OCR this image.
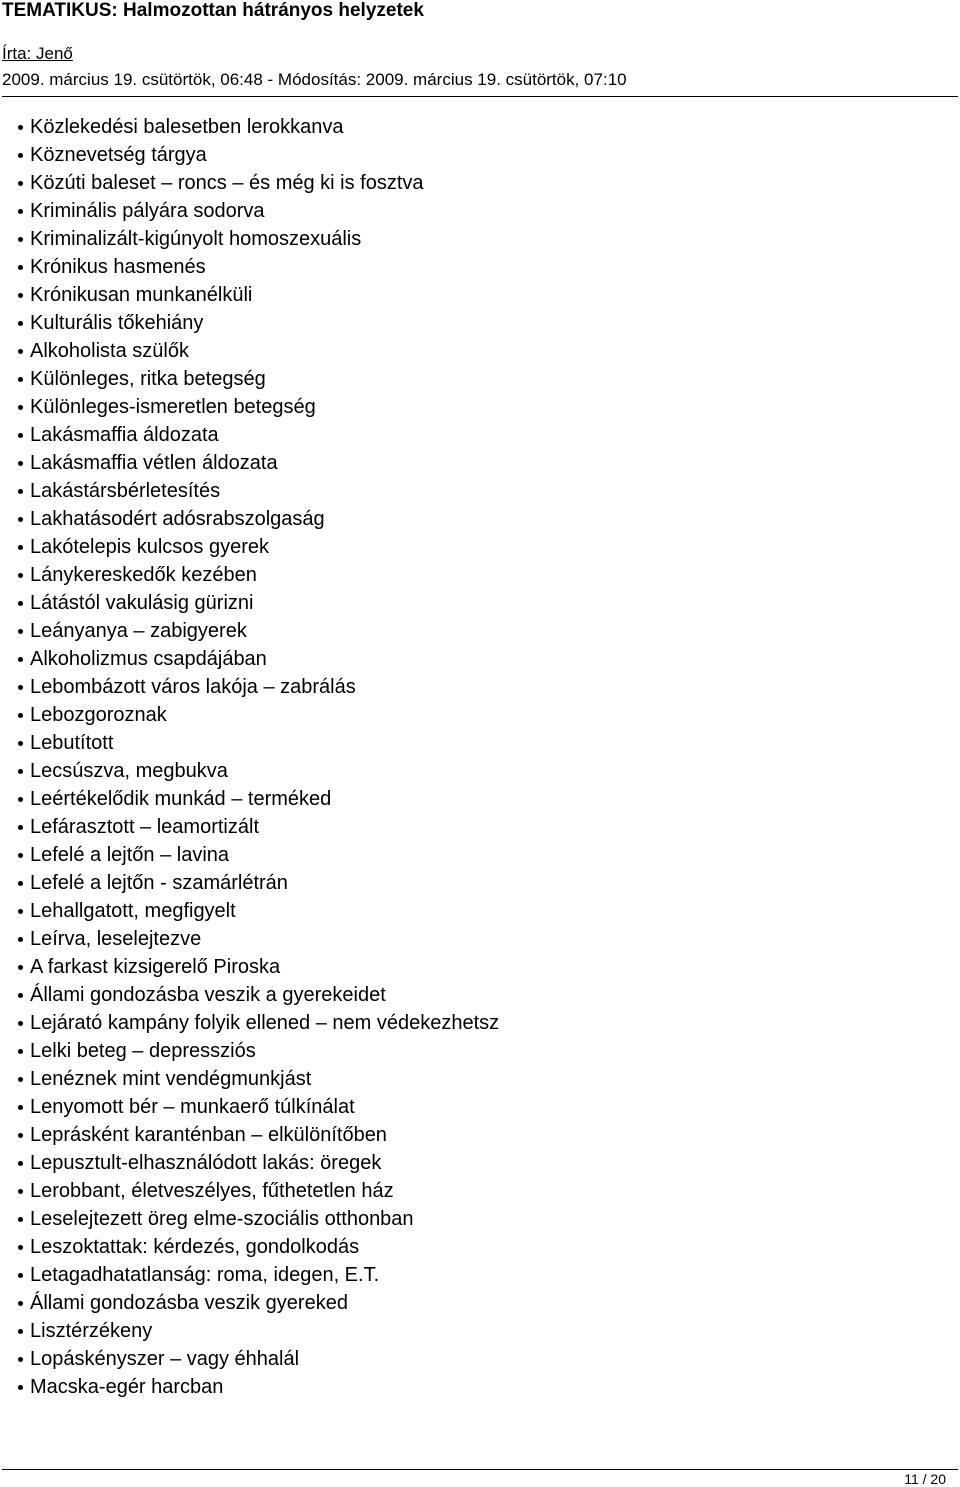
TEMATIKUS: Halmozottan hátrányos helyzetek
Írta: Jenő
2009. március 19. csütörtök, 06:48 - Módosítás: 2009. március 19. csütörtök, 07:10
Közlekedési balesetben lerokkanva
Köznevetség tárgya
Közúti baleset – roncs – és még ki is fosztva
Kriminális pályára sodorva
Kriminalizált-kigúnyolt homoszexuális
Krónikus hasmenés
Krónikusan munkanélküli
Kulturális tőkehiány
Alkoholista szülők
Különleges, ritka betegség
Különleges-ismeretlen betegség
Lakásmaffia áldozata
Lakásmaffia vétlen áldozata
Lakástársbérletesítés
Lakhatásodért adósrabszolgaság
Lakótelepis kulcsos gyerek
Lánykereskedők kezében
Látástól vakulásig gürizni
Leányanya – zabigyerek
Alkoholizmus csapdájában
Lebombázott város lakója – zabrálás
Lebozgoroznak
Lebutított
Lecsúszva, megbukva
Leértékelődik munkád – terméked
Lefárasztott – leamortizált
Lefelé a lejtőn – lavina
Lefelé a lejtőn - szamárlétrán
Lehallgatott, megfigyelt
Leírva, leselejtezve
A farkast kizsigerelő Piroska
Állami gondozásba veszik a gyerekeidet
Lejárató kampány folyik ellened – nem védekezhetsz
Lelki beteg – depressziós
Lenéznek mint vendégmunkjást
Lenyomott bér – munkaerő túlkínálat
Leprásként karanténban – elkülönítőben
Lepusztult-elhasználódott lakás: öregek
Lerobbant, életveszélyes, fűthetetlen ház
Leselejtezett öreg elme-szociális otthonban
Leszoktattak: kérdezés, gondolkodás
Letagadhatatlanság: roma, idegen, E.T.
Állami gondozásba veszik gyereked
Lisztérzékeny
Lopáskényszer – vagy éhhalál
Macska-egér harcban
11 / 20
